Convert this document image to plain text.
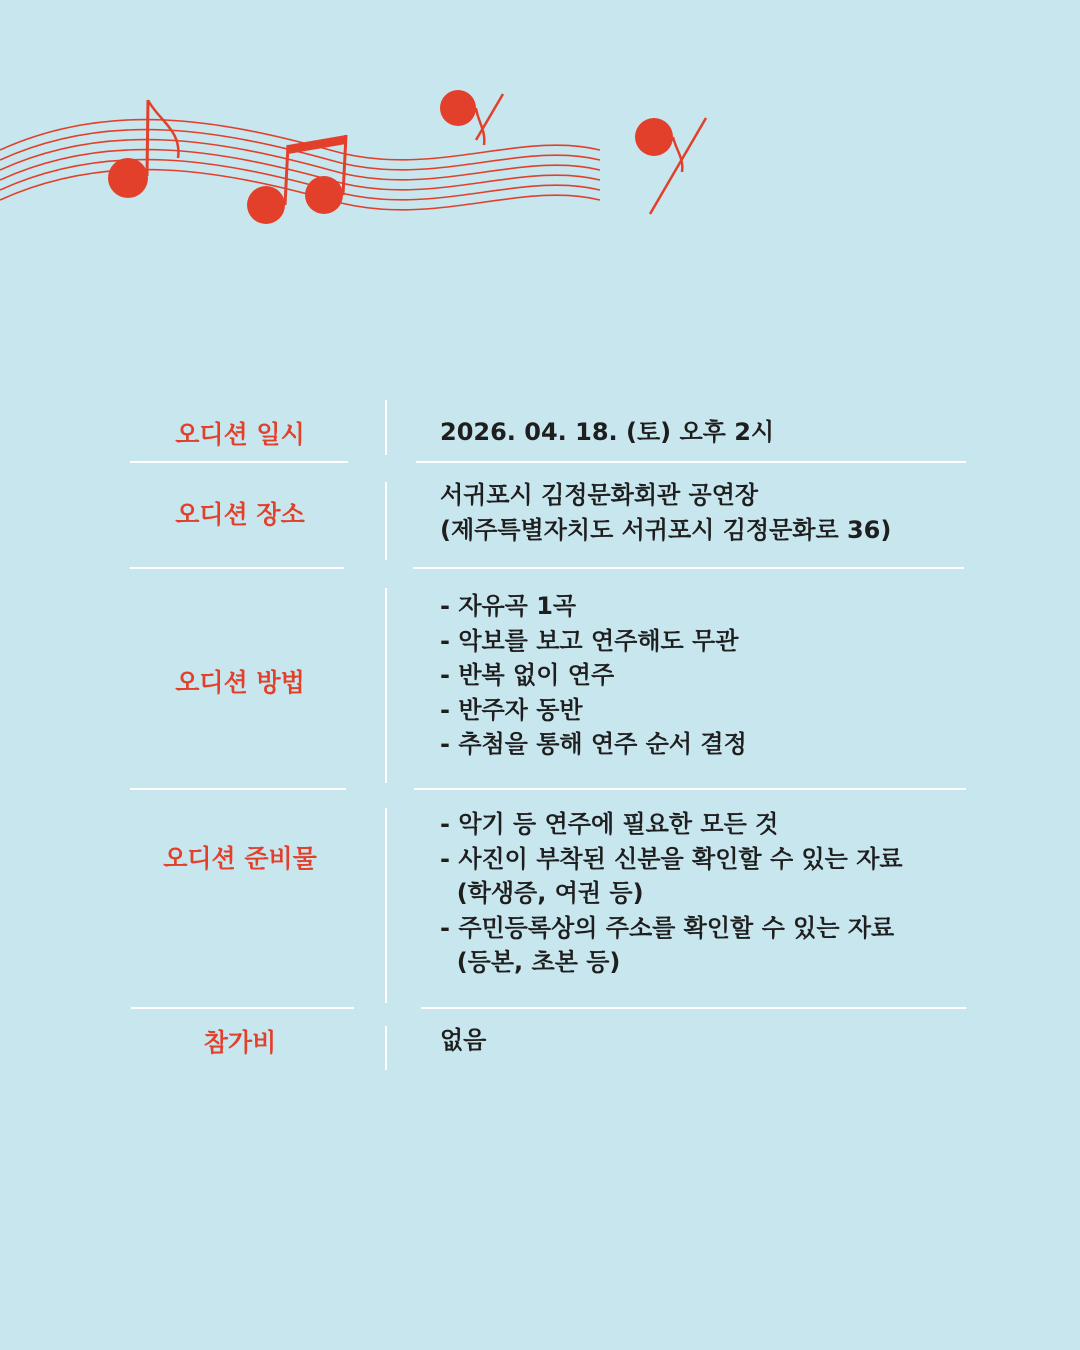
오디션 일시	2026. 04. 18. (토) 오후 2시
오디션 장소
서귀포시 김정문화회관 공연장
(제주특별자치도 서귀포시 김정문화로 36)
오디션 방법
- 자유곡 1곡
- 악보를 보고 연주해도 무관
- 반복 없이 연주
- 반주자 동반
- 추첨을 통해 연주 순서 결정
오디션 준비물
- 악기 등 연주에 필요한 모든 것
- 사진이 부착된 신분을 확인할 수 있는 자료
(학생증, 여권 등)
- 주민등록상의 주소를 확인할 수 있는 자료
(등본, 초본 등)
참가비	없음
